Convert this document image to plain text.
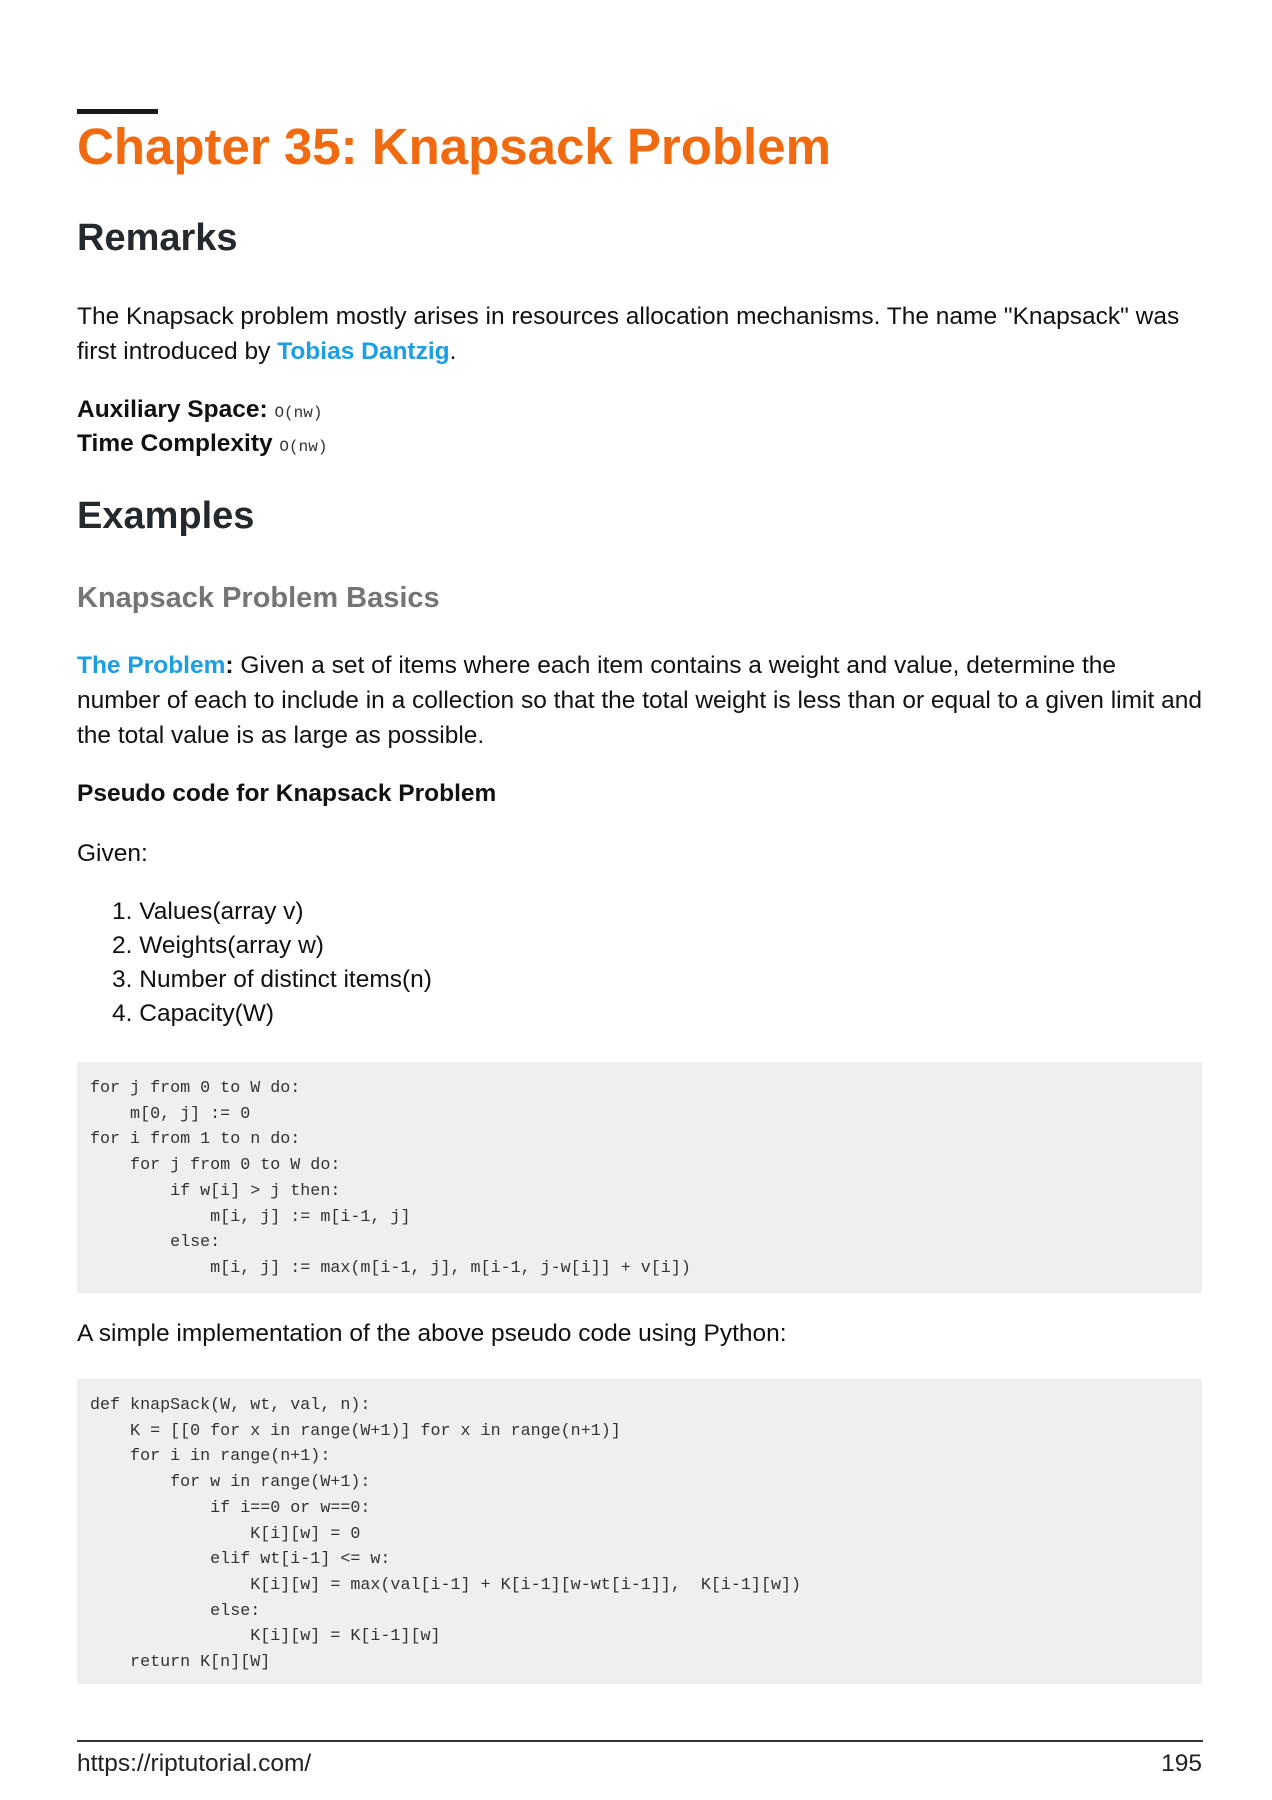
Chapter 35: Knapsack Problem
Remarks

The Knapsack problem mostly arises in resources allocation mechanisms. The name "Knapsack" was first introduced by Tobias Dantzig.

Auxiliary Space: O(nw)
Time Complexity O(nw)
Examples
Knapsack Problem Basics

The Problem: Given a set of items where each item contains a weight and value, determine the number of each to include in a collection so that the total weight is less than or equal to a given limit and the total value is as large as possible.

Pseudo code for Knapsack Problem
Given:
1. Values(array v)
2. Weights(array w)
3. Number of distinct items(n)
4. Capacity(W)
for j from 0 to W do:
m[0, j] := 0
for i from 1 to n do:
for j from 0 to W do:
if w[i] > j then:
m[i, j] := m[i-1, j]
else:
m[i, j] := max(m[i-1, j], m[i-1, j-w[i]] + v[i])

A simple implementation of the above pseudo code using Python:

def knapSack(W, wt, val, n):
K = [[0 for x in range(W+1)] for x in range(n+1)]
for i in range(n+1):
for w in range(W+1):
if i==0 or w==0:
K[i][w] = 0
elif wt[i-1] <= w:
K[i][w] = max(val[i-1] + K[i-1][w-wt[i-1]],  K[i-1][w])
else:
K[i][w] = K[i-1][w]
return K[n][W]
https://riptutorial.com/	195
